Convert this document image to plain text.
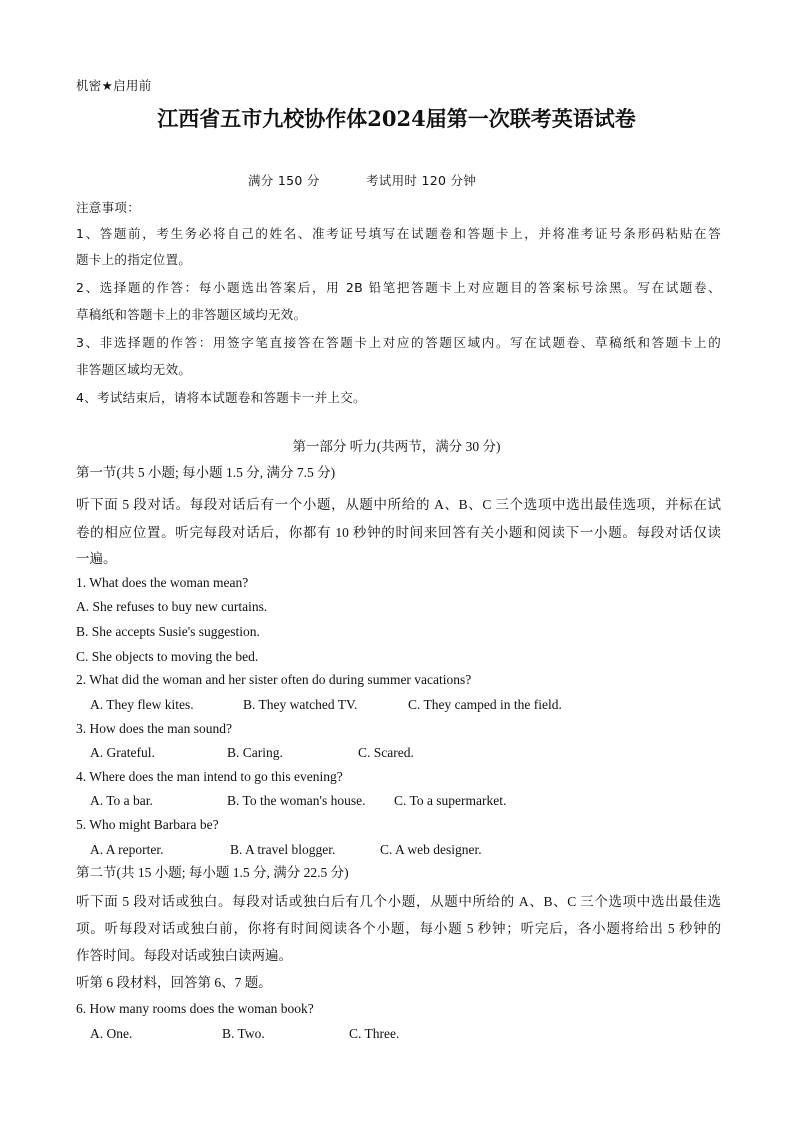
机密★启用前
江西省五市九校协作体2024届第一次联考英语试卷
满分 150 分	考试用时 120 分钟
注意事项：
1、答题前，考生务必将自己的姓名、准考证号填写在试题卷和答题卡上，并将准考证号条形码粘贴在答
题卡上的指定位置。
2、选择题的作答：每小题选出答案后，用 2B 铅笔把答题卡上对应题目的答案标号涂黑。写在试题卷、
草稿纸和答题卡上的非答题区域均无效。
3、非选择题的作答：用签字笔直接答在答题卡上对应的答题区域内。写在试题卷、草稿纸和答题卡上的
非答题区域均无效。
4、考试结束后，请将本试题卷和答题卡一并上交。
第一部分 听力(共两节，满分 30 分)
第一节(共 5 小题; 每小题 1.5 分, 满分 7.5 分)
听下面 5 段对话。每段对话后有一个小题，从题中所给的 A、B、C 三个选项中选出最佳选项，并标在试
卷的相应位置。听完每段对话后，你都有 10 秒钟的时间来回答有关小题和阅读下一小题。每段对话仅读
一遍。
1. What does the woman mean?
A. She refuses to buy new curtains.
B. She accepts Susie's suggestion.
C. She objects to moving the bed.
2. What did the woman and her sister often do during summer vacations?
A. They flew kites.	B. They watched TV.	C. They camped in the field.
3. How does the man sound?
A. Grateful.	B. Caring.	C. Scared.
4. Where does the man intend to go this evening?
A. To a bar.	B. To the woman's house. C. To a supermarket.
5. Who might Barbara be?
A. A reporter.	B. A travel blogger.	C. A web designer.
第二节(共 15 小题; 每小题 1.5 分, 满分 22.5 分)
听下面 5 段对话或独白。每段对话或独白后有几个小题，从题中所给的 A、B、C 三个选项中选出最佳选
项。听每段对话或独白前，你将有时间阅读各个小题，每小题 5 秒钟；听完后，各小题将给出 5 秒钟的
作答时间。每段对话或独白读两遍。
听第 6 段材料，回答第 6、7 题。
6. How many rooms does the woman book?
A. One.	B. Two.	C. Three.
